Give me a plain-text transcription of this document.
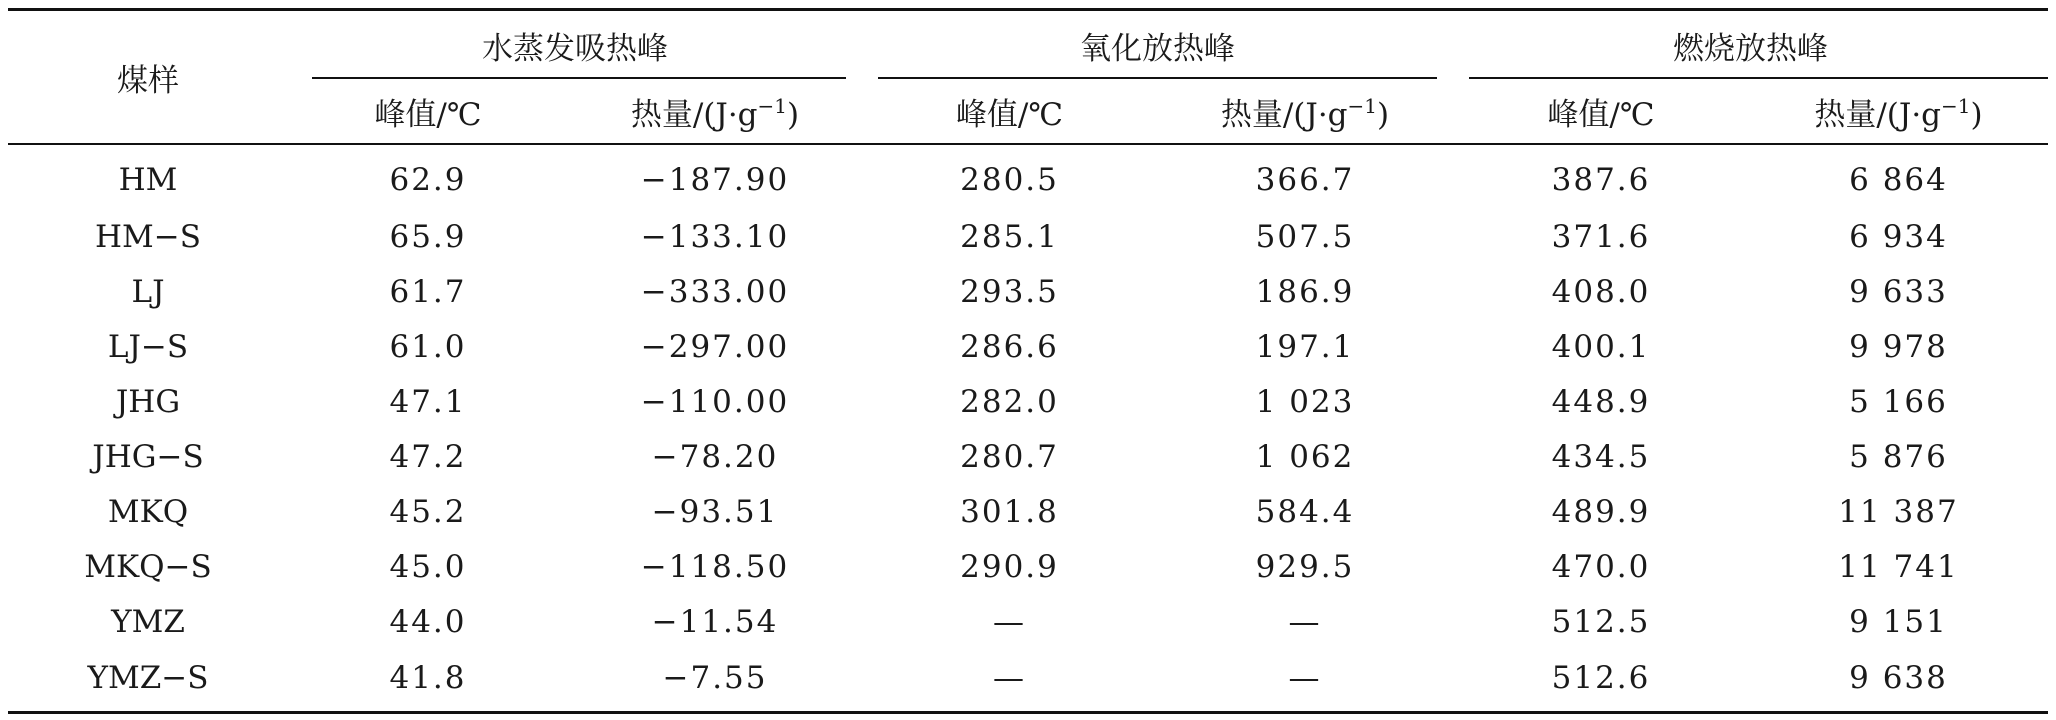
煤样	水蒸发吸热峰		氧化放热峰		燃烧放热峰	

	峰值/℃	热量$/(J\cdot g^{-1})$	峰值/℃	热量$/(J\cdot g^{-1})$	峰值/℃	热量$/(J\cdot g^{-1})$
HM	62.9	−187.90	280.5	366.7	387.6	6 864
HM−S	65.9	−133.10	285.1	507.5	371.6	6 934
LJ	61.7	−333.00	293.5	186.9	408.0	9 633
LJ−S	61.0	−297.00	286.6	197.1	400.1	9 978
JHG	47.1	−110.00	282.0	1 023	448.9	5 166
JHG−S	47.2	−78.20	280.7	1 062	434.5	5 876
MKQ	45.2	−93.51	301.8	584.4	489.9	11 387
MKQ−S	45.0	−118.50	290.9	929.5	470.0	11 741
YMZ	44.0	−11.54	—	—	512.5	9 151
YMZ−S	41.8	−7.55	—	—	512.6	9 638
